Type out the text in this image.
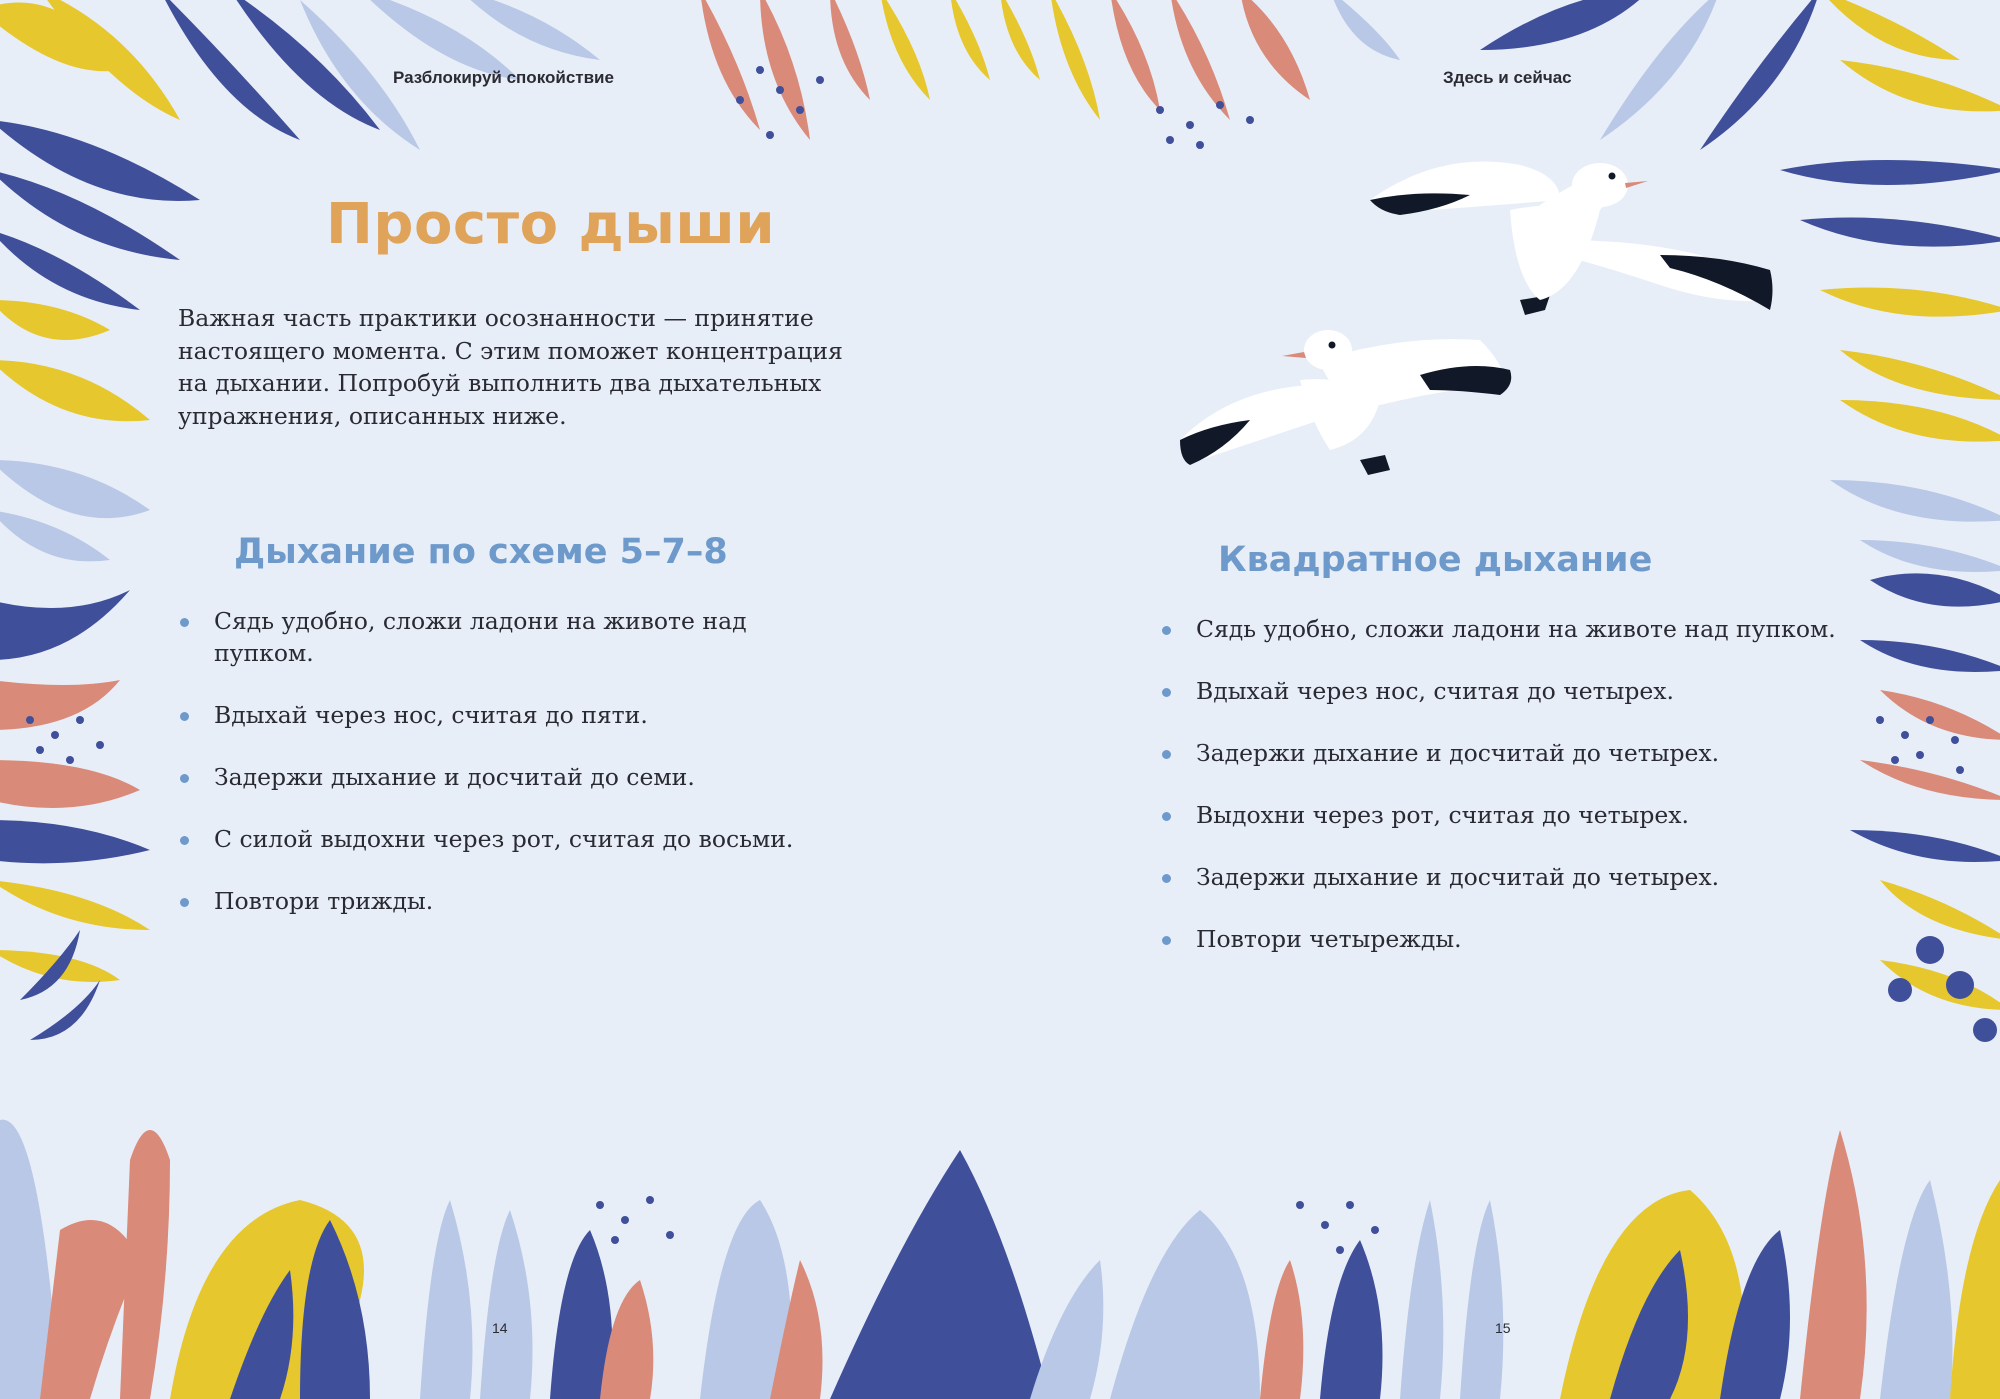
Разблокируй спокойствие
Просто дыши
Важная часть практики осознанности — принятие настоящего момента. С этим поможет концентрация на дыхании. Попробуй выполнить два дыхательных упражнения, описанных ниже.
Дыхание по схеме 5–7–8
Сядь удобно, сложи ладони на животе над пупком.
Вдыхай через нос, считая до пяти.
Задержи дыхание и досчитай до семи.
С силой выдохни через рот, считая до восьми.
Повтори трижды.
14
Здесь и сейчас
Квадратное дыхание
Сядь удобно, сложи ладони на животе над пупком.
Вдыхай через нос, считая до четырех.
Задержи дыхание и досчитай до четырех.
Выдохни через рот, считая до четырех.
Задержи дыхание и досчитай до четырех.
Повтори четырежды.
15
